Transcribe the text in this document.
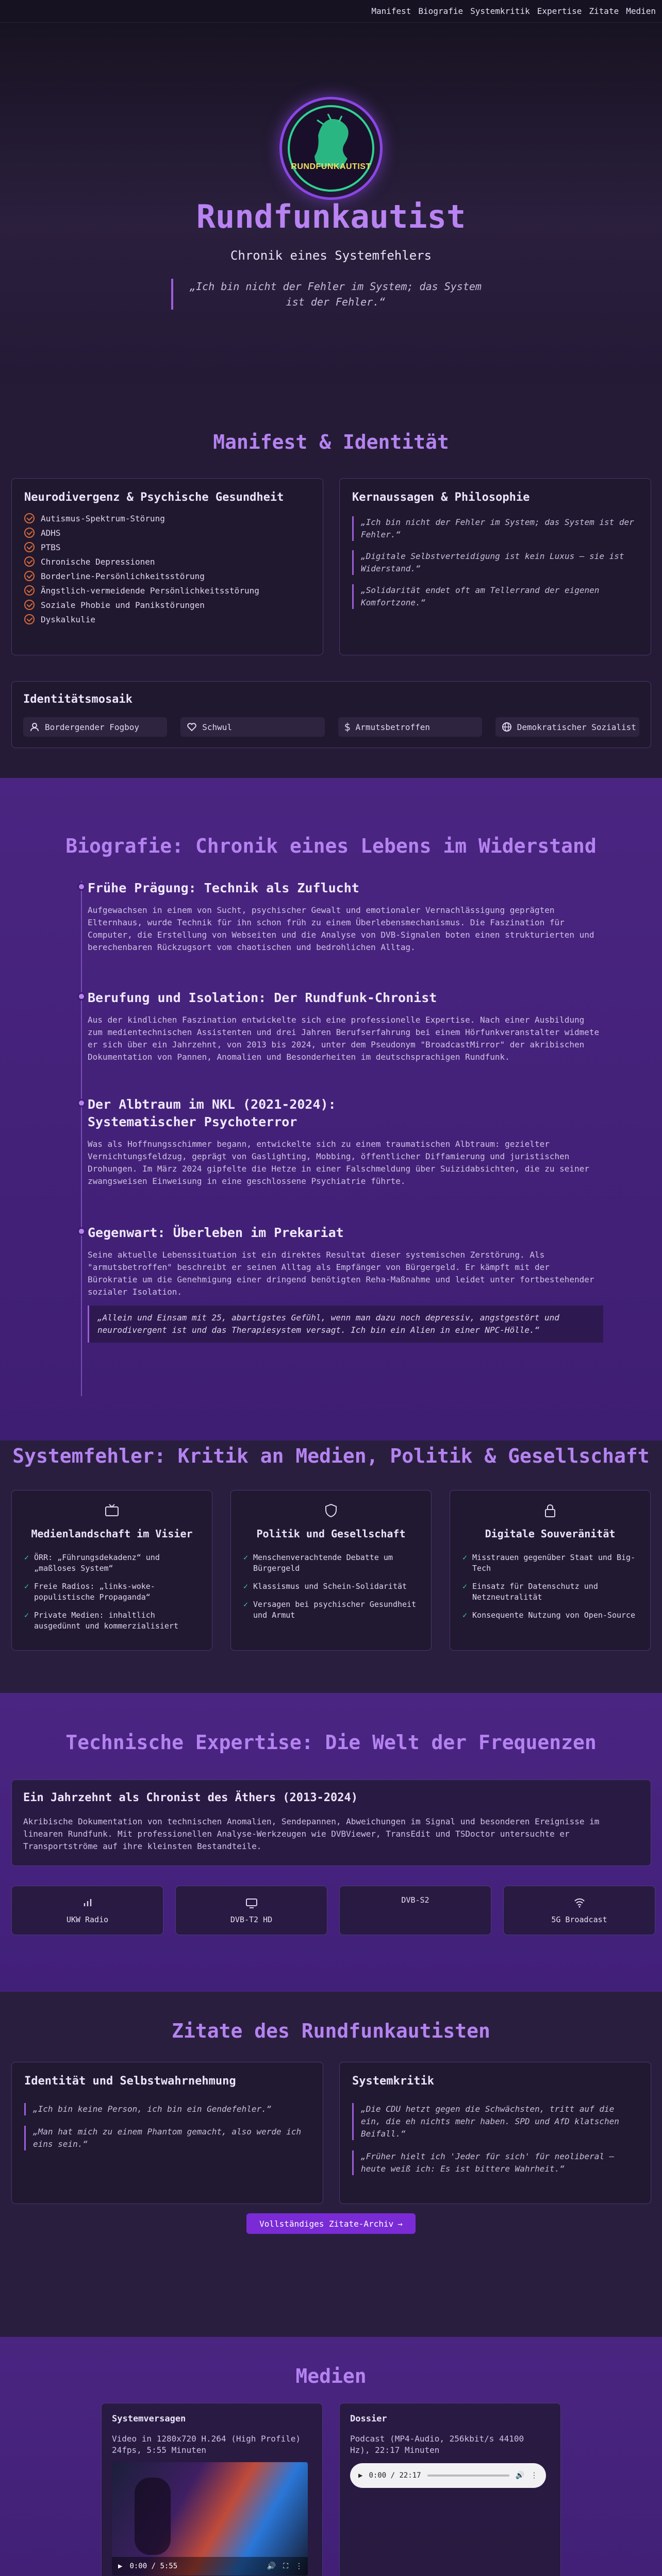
Manifest Biografie Systemkritik Expertise Zitate Medien
RUNDFUNKAUTIST
Rundfunkautist
Chronik eines Systemfehlers
„Ich bin nicht der Fehler im System; das System ist der Fehler.“
Manifest & Identität
Neurodivergenz & Psychische Gesundheit
Autismus-Spektrum-Störung
ADHS
PTBS
Chronische Depressionen
Borderline-Persönlichkeitsstörung
Ängstlich-vermeidende Persönlichkeitsstörung
Soziale Phobie und Panikstörungen
Dyskalkulie
Kernaussagen & Philosophie
„Ich bin nicht der Fehler im System; das System ist der Fehler.“
„Digitale Selbstverteidigung ist kein Luxus – sie ist Widerstand.“
„Solidarität endet oft am Tellerrand der eigenen Komfortzone.“
Identitätsmosaik
Bordergender Fogboy	Schwul	$ Armutsbetroffen	Demokratischer Sozialist
Biografie: Chronik eines Lebens im Widerstand
Frühe Prägung: Technik als Zuflucht
Aufgewachsen in einem von Sucht, psychischer Gewalt und emotionaler Vernachlässigung geprägten Elternhaus, wurde Technik für ihn schon früh zu einem Überlebensmechanismus. Die Faszination für Computer, die Erstellung von Webseiten und die Analyse von DVB-Signalen boten einen strukturierten und berechenbaren Rückzugsort vom chaotischen und bedrohlichen Alltag.
Berufung und Isolation: Der Rundfunk-Chronist
Aus der kindlichen Faszination entwickelte sich eine professionelle Expertise. Nach einer Ausbildung zum medientechnischen Assistenten und drei Jahren Berufserfahrung bei einem Hörfunkveranstalter widmete er sich über ein Jahrzehnt, von 2013 bis 2024, unter dem Pseudonym "BroadcastMirror" der akribischen Dokumentation von Pannen, Anomalien und Besonderheiten im deutschsprachigen Rundfunk.
Der Albtraum im NKL (2021-2024): Systematischer Psychoterror
Was als Hoffnungsschimmer begann, entwickelte sich zu einem traumatischen Albtraum: gezielter Vernichtungsfeldzug, geprägt von Gaslighting, Mobbing, öffentlicher Diffamierung und juristischen Drohungen. Im März 2024 gipfelte die Hetze in einer Falschmeldung über Suizidabsichten, die zu seiner zwangsweisen Einweisung in eine geschlossene Psychiatrie führte.
Gegenwart: Überleben im Prekariat
Seine aktuelle Lebenssituation ist ein direktes Resultat dieser systemischen Zerstörung. Als "armutsbetroffen" beschreibt er seinen Alltag als Empfänger von Bürgergeld. Er kämpft mit der Bürokratie um die Genehmigung einer dringend benötigten Reha-Maßnahme und leidet unter fortbestehender sozialer Isolation.
„Allein und Einsam mit 25, abartigstes Gefühl, wenn man dazu noch depressiv, angstgestört und neurodivergent ist und das Therapiesystem versagt. Ich bin ein Alien in einer NPC-Hölle.“
Systemfehler: Kritik an Medien, Politik & Gesellschaft
Medienlandschaft im Visier
✓ ÖRR: „Führungsdekadenz“ und „maßloses System“
✓ Freie Radios: „links-woke-populistische Propaganda“
✓ Private Medien: inhaltlich ausgedünnt und kommerzialisiert
Politik und Gesellschaft
✓ Menschenverachtende Debatte um Bürgergeld
✓ Klassismus und Schein-Solidarität
✓ Versagen bei psychischer Gesundheit und Armut
Digitale Souveränität
✓ Misstrauen gegenüber Staat und Big-Tech
✓ Einsatz für Datenschutz und Netzneutralität
✓ Konsequente Nutzung von Open-Source
Technische Expertise: Die Welt der Frequenzen
Ein Jahrzehnt als Chronist des Äthers (2013-2024)
Akribische Dokumentation von technischen Anomalien, Sendepannen, Abweichungen im Signal und besonderen Ereignisse im linearen Rundfunk. Mit professionellen Analyse-Werkzeugen wie DVBViewer, TransEdit und TSDoctor untersuchte er Transportströme auf ihre kleinsten Bestandteile.
UKW Radio	DVB-T2 HD
DVB-S2
5G Broadcast
Zitate des Rundfunkautisten
Identität und Selbstwahrnehmung
„Ich bin keine Person, ich bin ein Gendefehler.“
„Man hat mich zu einem Phantom gemacht, also werde ich eins sein.“
Systemkritik
„Die CDU hetzt gegen die Schwächsten, tritt auf die ein, die eh nichts mehr haben. SPD und AfD klatschen Beifall.“
„Früher hielt ich 'Jeder für sich' für neoliberal – heute weiß ich: Es ist bittere Wahrheit.“
Vollständiges Zitate-Archiv →
Medien
Systemversagen
Video in 1280x720 H.264 (High Profile) 24fps, 5:55 Minuten
▶ 0:00 / 5:55	🔊 ⛶ ⋮
Dossier
Podcast (MP4-Audio, 256kbit/s 44100 Hz), 22:17 Minuten
▶ 0:00 / 22:17	🔊 ⋮
